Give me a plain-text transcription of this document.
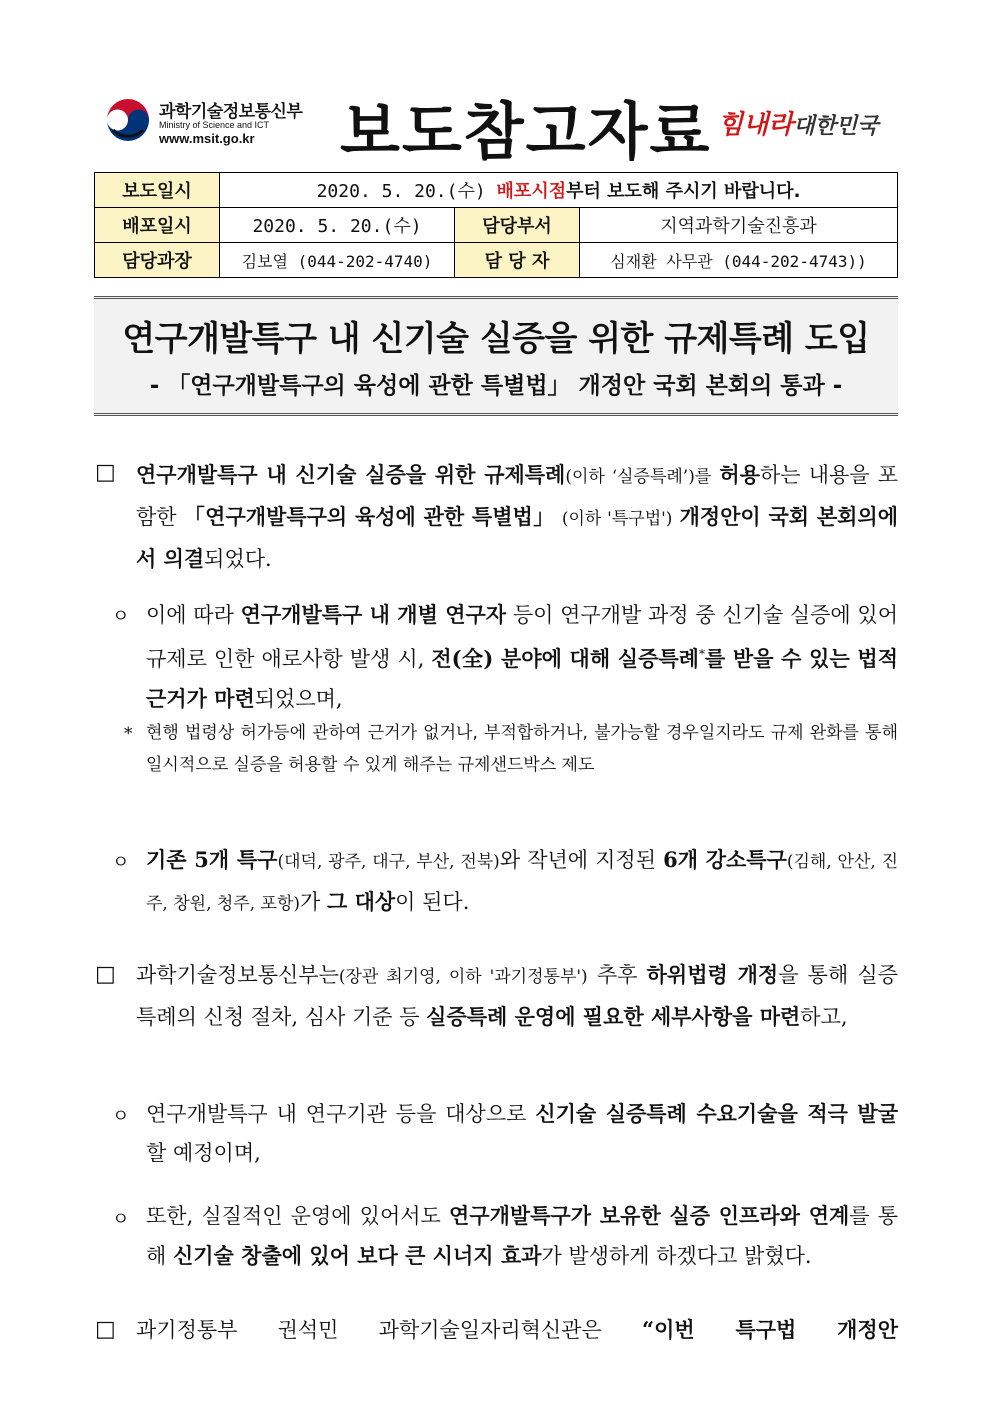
과학기술정보통신부
Ministry of Science and ICT
www.msit.go.kr 보도참고자료 힘내라대한민국
보도일시	2020. 5. 20.(수) 배포시점부터 보도해 주시기 바랍니다.		
배포일시	2020. 5. 20.(수)	담당부서	지역과학기술진흥과
담당과장	김보열 (044-202-4740)	담 당 자	심재환 사무관 (044-202-4743))
연구개발특구 내 신기술 실증을 위한 규제특례 도입
- 「연구개발특구의 육성에 관한 특별법」 개정안 국회 본회의 통과 -
□ 연구개발특구 내 신기술 실증을 위한 규제특례(이하 ‘실증특례’)를 허용하는 내용을 포함한 「연구개발특구의 육성에 관한 특별법」 (이하 '특구법') 개정안이 국회 본회의에서 의결되었다.
ㅇ 이에 따라 연구개발특구 내 개별 연구자 등이 연구개발 과정 중 신기술 실증에 있어 규제로 인한 애로사항 발생 시, 전(全) 분야에 대해 실증특례*를 받을 수 있는 법적 근거가 마련되었으며,
* 현행 법령상 허가등에 관하여 근거가 없거나, 부적합하거나, 불가능할 경우일지라도 규제 완화를 통해 일시적으로 실증을 허용할 수 있게 해주는 규제샌드박스 제도
ㅇ 기존 5개 특구(대덕, 광주, 대구, 부산, 전북)와 작년에 지정된 6개 강소특구(김해, 안산, 진주, 창원, 청주, 포항)가 그 대상이 된다.
□ 과학기술정보통신부는(장관 최기영, 이하 '과기정통부') 추후 하위법령 개정을 통해 실증특례의 신청 절차, 심사 기준 등 실증특례 운영에 필요한 세부사항을 마련하고,
ㅇ 연구개발특구 내 연구기관 등을 대상으로 신기술 실증특례 수요기술을 적극 발굴할 예정이며,
ㅇ 또한, 실질적인 운영에 있어서도 연구개발특구가 보유한 실증 인프라와 연계를 통해 신기술 창출에 있어 보다 큰 시너지 효과가 발생하게 하겠다고 밝혔다.
□ 과기정통부 권석민 과학기술일자리혁신관은 “이번 특구법 개정안
